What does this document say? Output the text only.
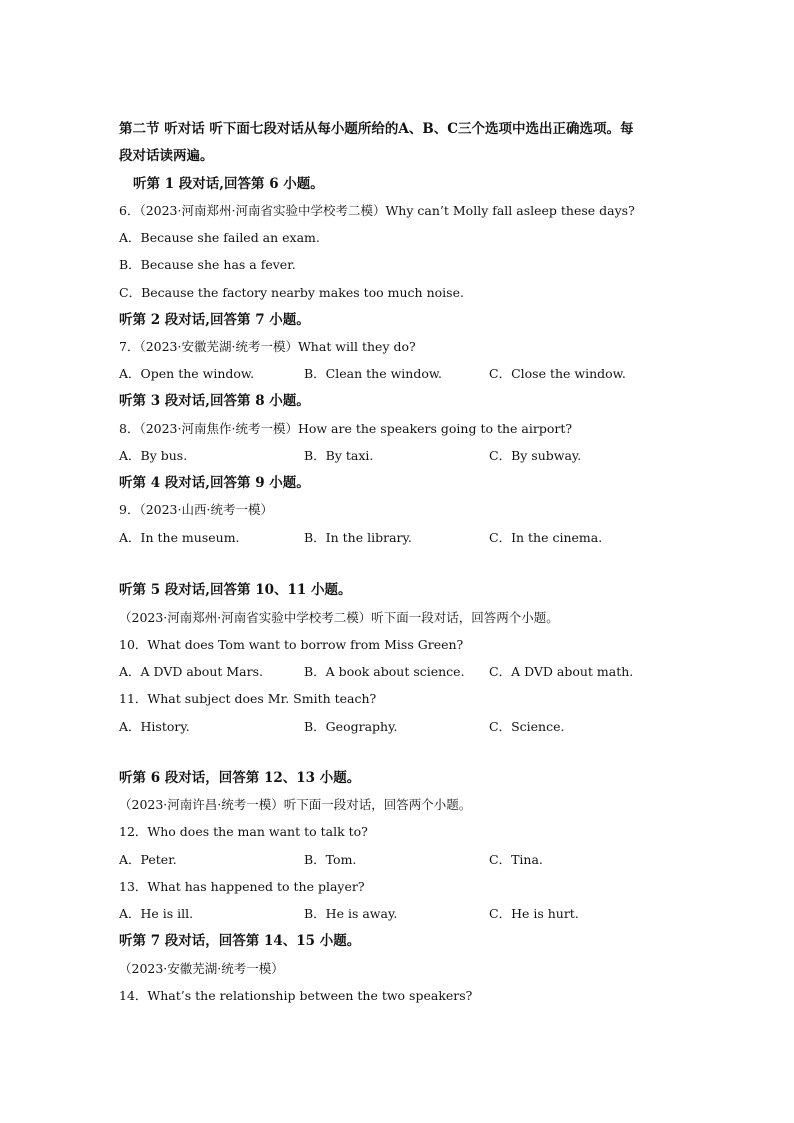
第二节 听对话 听下面七段对话从每小题所给的A、B、C三个选项中选出正确选项。每
段对话读两遍。
听第 1 段对话,回答第 6 小题。
6．（2023·河南郑州·河南省实验中学校考二模）Why can’t Molly fall asleep these days?
A．Because she failed an exam.
B．Because she has a fever.
C．Because the factory nearby makes too much noise.
听第 2 段对话,回答第 7 小题。
7．（2023·安徽芜湖·统考一模）What will they do?
A．Open the window.	B．Clean the window.	C．Close the window.
听第 3 段对话,回答第 8 小题。
8．（2023·河南焦作·统考一模）How are the speakers going to the airport?
A．By bus.	B．By taxi.	C．By subway.
听第 4 段对话,回答第 9 小题。
9．（2023·山西·统考一模）
A．In the museum.	B．In the library.	C．In the cinema.
听第 5 段对话,回答第 10、11 小题。
（2023·河南郑州·河南省实验中学校考二模）听下面一段对话，回答两个小题。
10．What does Tom want to borrow from Miss Green?
A．A DVD about Mars.	B．A book about science. C．A DVD about math.
11．What subject does Mr. Smith teach?
A．History.	B．Geography.	C．Science.
听第 6 段对话，回答第 12、13 小题。
（2023·河南许昌·统考一模）听下面一段对话，回答两个小题。
12．Who does the man want to talk to?
A．Peter.	B．Tom.	C．Tina.
13．What has happened to the player?
A．He is ill.	B．He is away.	C．He is hurt.
听第 7 段对话，回答第 14、15 小题。
（2023·安徽芜湖·统考一模）
14．What’s the relationship between the two speakers?
